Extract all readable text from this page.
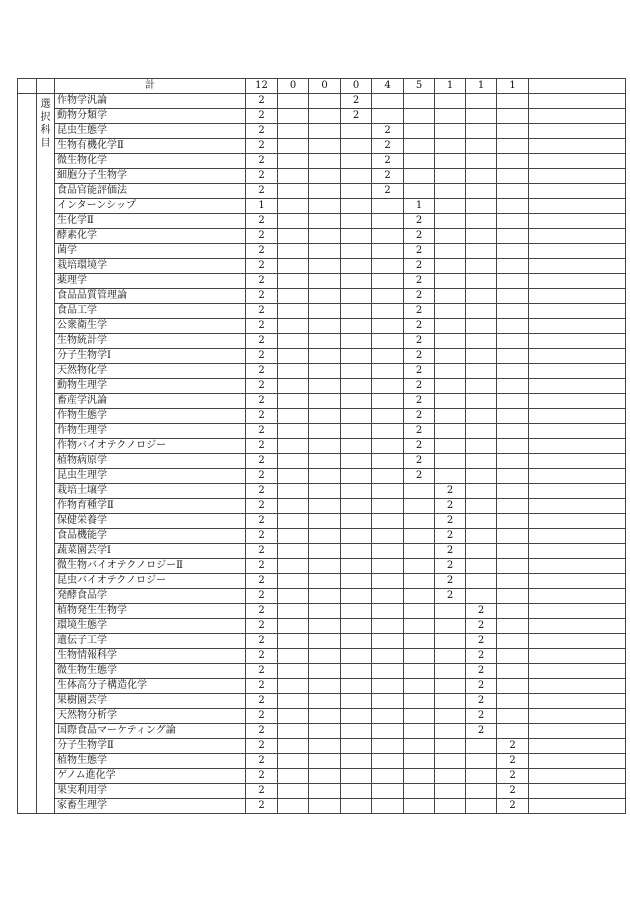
		計	12	0	0	0	4	5	1	1	1	
	選択科目	作物学汎論	2			2						
		動物分類学	2			2						
		昆虫生態学	2				2					
		生物有機化学Ⅱ	2				2					
		微生物化学	2				2					
		細胞分子生物学	2				2					
		食品官能評価法	2				2					
		インターンシップ	1					1				
		生化学Ⅱ	2					2				
		酵素化学	2					2				
		菌学	2					2				
		栽培環境学	2					2				
		薬理学	2					2				
		食品品質管理論	2					2				
		食品工学	2					2				
		公衆衛生学	2					2				
		生物統計学	2					2				
		分子生物学Ⅰ	2					2				
		天然物化学	2					2				
		動物生理学	2					2				
		畜産学汎論	2					2				
		作物生態学	2					2				
		作物生理学	2					2				
		作物バイオテクノロジー	2					2				
		植物病原学	2					2				
		昆虫生理学	2					2				
		栽培土壌学	2						2			
		作物育種学Ⅱ	2						2			
		保健栄養学	2						2			
		食品機能学	2						2			
		蔬菜園芸学Ⅰ	2						2			
		微生物バイオテクノロジーⅡ	2						2			
		昆虫バイオテクノロジー	2						2			
		発酵食品学	2						2			
		植物発生生物学	2							2		
		環境生態学	2							2		
		遺伝子工学	2							2		
		生物情報科学	2							2		
		微生物生態学	2							2		
		生体高分子構造化学	2							2		
		果樹園芸学	2							2		
		天然物分析学	2							2		
		国際食品マーケティング論	2							2		
		分子生物学Ⅱ	2								2	
		植物生態学	2								2	
		ゲノム進化学	2								2	
		果実利用学	2								2	
		家畜生理学	2								2	
